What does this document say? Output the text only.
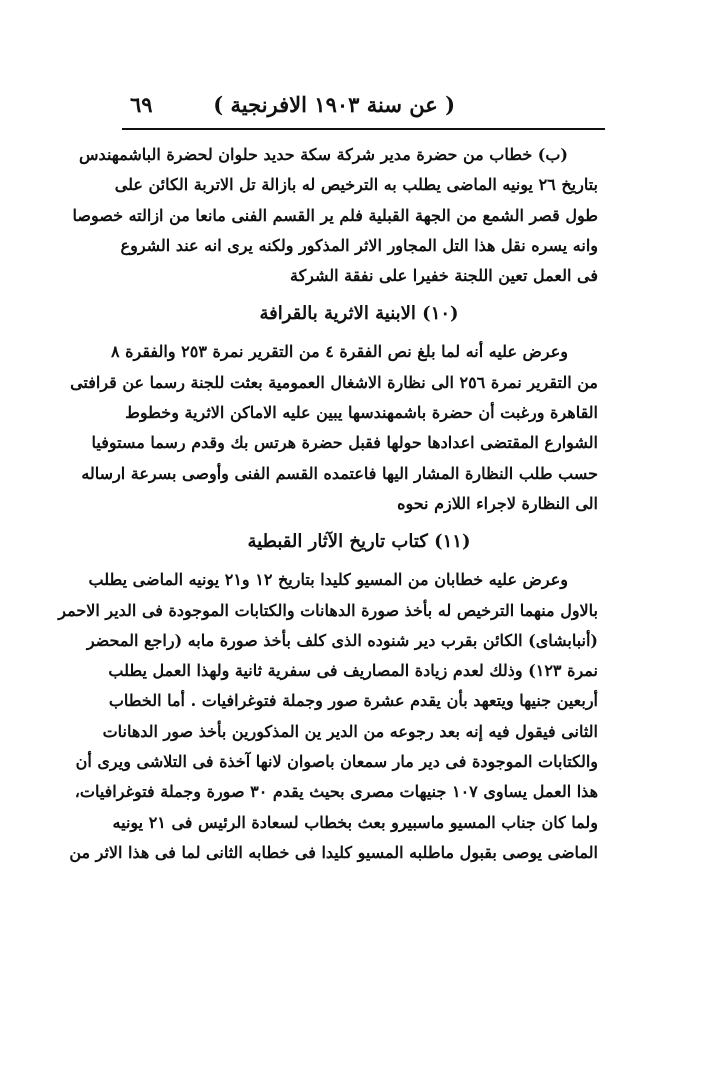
( عن سنة ١٩٠٣ الافرنجية )
٦٩
(ب) خطاب من حضرة مدير شركة سكة حديد حلوان لحضرة الباشمهندس
بتاريخ ٢٦ يونيه الماضى يطلب به الترخيص له بازالة تل الاتربة الكائن على
طول قصر الشمع من الجهة القبلية فلم ير القسم الفنى مانعا من ازالته خصوصا
وانه يسره نقل هذا التل المجاور الاثر المذكور ولكنه يرى انه عند الشروع
فى العمل تعين اللجنة خفيرا على نفقة الشركة
(١٠) الابنية الاثرية بالقرافة
وعرض عليه أنه لما بلغ نص الفقرة ٤ من التقرير نمرة ٢٥٣ والفقرة ٨
من التقرير نمرة ٢٥٦ الى نظارة الاشغال العمومية بعثت للجنة رسما عن قرافتى
القاهرة ورغبت أن حضرة باشمهندسها يبين عليه الاماكن الاثرية وخطوط
الشوارع المقتضى اعدادها حولها فقبل حضرة هرتس بك وقدم رسما مستوفيا
حسب طلب النظارة المشار اليها فاعتمده القسم الفنى وأوصى بسرعة ارساله
الى النظارة لاجراء اللازم نحوه
(١١) كتاب تاريخ الآثار القبطية
وعرض عليه خطابان من المسيو كليدا بتاريخ ١٢ و٢١ يونيه الماضى يطلب
بالاول منهما الترخيص له بأخذ صورة الدهانات والكتابات الموجودة فى الدير الاحمر
(أنبابشاى) الكائن بقرب دير شنوده الذى كلف بأخذ صورة مابه (راجع المحضر
نمرة ١٢٣) وذلك لعدم زيادة المصاريف فى سفرية ثانية ولهذا العمل يطلب
أربعين جنيها ويتعهد بأن يقدم عشرة صور وجملة فتوغرافيات . أما الخطاب
الثانى فيقول فيه إنه بعد رجوعه من الدير ين المذكورين بأخذ صور الدهانات
والكتابات الموجودة فى دير مار سمعان باصوان لانها آخذة فى التلاشى ويرى أن
هذا العمل يساوى ١٠٧ جنيهات مصرى بحيث يقدم ٣٠ صورة وجملة فتوغرافيات،
ولما كان جناب المسيو ماسبيرو بعث بخطاب لسعادة الرئيس فى ٢١ يونيه
الماضى يوصى بقبول ماطلبه المسيو كليدا فى خطابه الثانى لما فى هذا الاثر من
